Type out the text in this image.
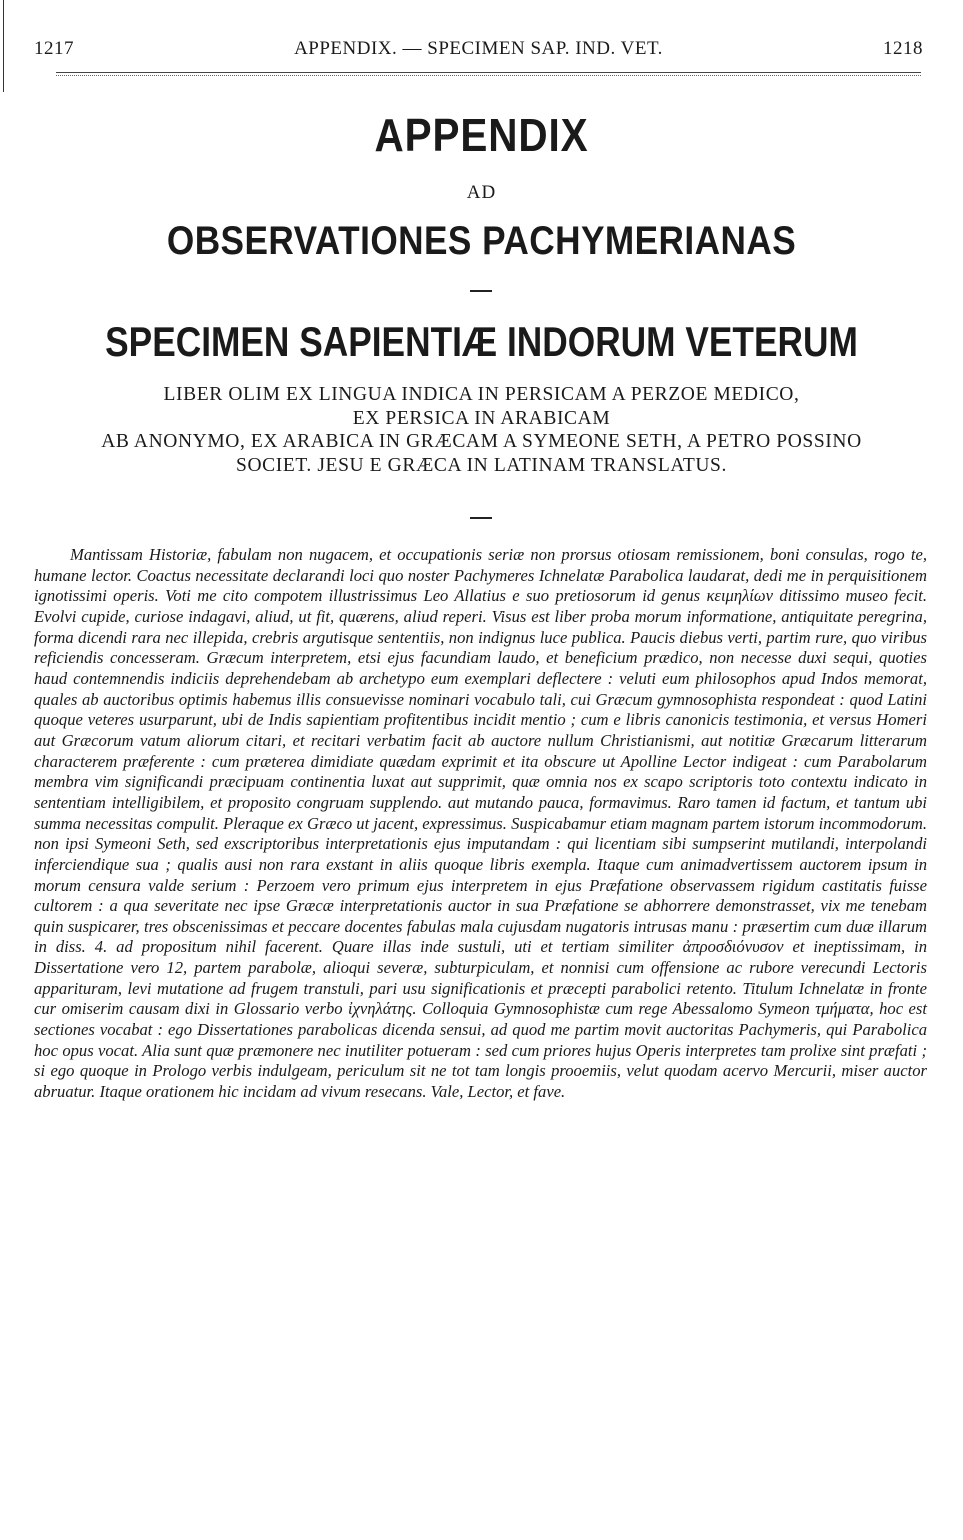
1217	APPENDIX. — SPECIMEN SAP. IND. VET.	1218
APPENDIX
AD
OBSERVATIONES PACHYMERIANAS
SPECIMEN SAPIENTIÆ INDORUM VETERUM
LIBER OLIM EX LINGUA INDICA IN PERSICAM A PERZOE MEDICO,
EX PERSICA IN ARABICAM
AB ANONYMO, EX ARABICA IN GRÆCAM A SYMEONE SETH, A PETRO POSSINO
SOCIET. JESU E GRÆCA IN LATINAM TRANSLATUS.

Mantissam Historiæ, fabulam non nugacem, et occupationis seriæ non prorsus otiosam remissionem, boni consulas, rogo te, humane lector. Coactus necessitate declarandi loci quo noster Pachymeres Ichnelatæ Parabolica laudarat, dedi me in perquisitionem ignotissimi operis. Voti me cito compotem illustrissimus Leo Allatius e suo pretiosorum id genus κειμηλίων ditissimo museo fecit. Evolvi cupide, curiose indagavi, aliud, ut fit, quærens, aliud reperi. Visus est liber proba morum informatione, antiquitate peregrina, forma dicendi rara nec illepida, crebris argutisque sententiis, non indignus luce publica. Paucis diebus verti, partim rure, quo viribus reficiendis concesseram. Græcum interpretem, etsi ejus facundiam laudo, et beneficium prædico, non necesse duxi sequi, quoties haud contemnendis indiciis deprehendebam ab archetypo eum exemplari deflectere : veluti eum philosophos apud Indos memorat, quales ab auctoribus optimis habemus illis consuevisse nominari vocabulo tali, cui Græcum gymnosophista respondeat : quod Latini quoque veteres usurparunt, ubi de Indis sapientiam profitentibus incidit mentio ; cum e libris canonicis testimonia, et versus Homeri aut Græcorum vatum aliorum citari, et recitari verbatim facit ab auctore nullum Christianismi, aut notitiæ Græcarum litterarum characterem præferente : cum præterea dimidiate quædam exprimit et ita obscure ut Apolline Lector indigeat : cum Parabolarum membra vim significandi præcipuam continentia luxat aut supprimit, quæ omnia nos ex scapo scriptoris toto contextu indicato in sententiam intelligibilem, et proposito congruam supplendo. aut mutando pauca, formavimus. Raro tamen id factum, et tantum ubi summa necessitas compulit. Pleraque ex Græco ut jacent, expressimus. Suspicabamur etiam magnam partem istorum incommodorum. non ipsi Symeoni Seth, sed exscriptoribus interpretationis ejus imputandam : qui licentiam sibi sumpserint mutilandi, interpolandi inferciendique sua ; qualis ausi non rara exstant in aliis quoque libris exempla. Itaque cum animadvertissem auctorem ipsum in morum censura valde serium : Perzoem vero primum ejus interpretem in ejus Præfatione observassem rigidum castitatis fuisse cultorem : a qua severitate nec ipse Græcæ interpretationis auctor in sua Præfatione se abhorrere demonstrasset, vix me tenebam quin suspicarer, tres obscenissimas et peccare docentes fabulas mala cujusdam nugatoris intrusas manu : præsertim cum duæ illarum in diss. 4. ad propositum nihil facerent. Quare illas inde sustuli, uti et tertiam similiter ἀπροσδιόνυσον et ineptissimam, in Dissertatione vero 12, partem parabolæ, alioqui severæ, subturpiculam, et nonnisi cum offensione ac rubore verecundi Lectoris apparituram, levi mutatione ad frugem transtuli, pari usu significationis et præcepti parabolici retento. Titulum Ichnelatæ in fronte cur omiserim causam dixi in Glossario verbo ἰχνηλάτης. Colloquia Gymnosophistæ cum rege Abessalomo Symeon τμήματα, hoc est sectiones vocabat : ego Dissertationes parabolicas dicenda sensui, ad quod me partim movit auctoritas Pachymeris, qui Parabolica hoc opus vocat. Alia sunt quæ præmonere nec inutiliter potueram : sed cum priores hujus Operis interpretes tam prolixe sint præfati ; si ego quoque in Prologo verbis indulgeam, periculum sit ne tot tam longis prooemiis, velut quodam acervo Mercurii, miser auctor abruatur. Itaque orationem hic incidam ad vivum resecans. Vale, Lector, et fave.
